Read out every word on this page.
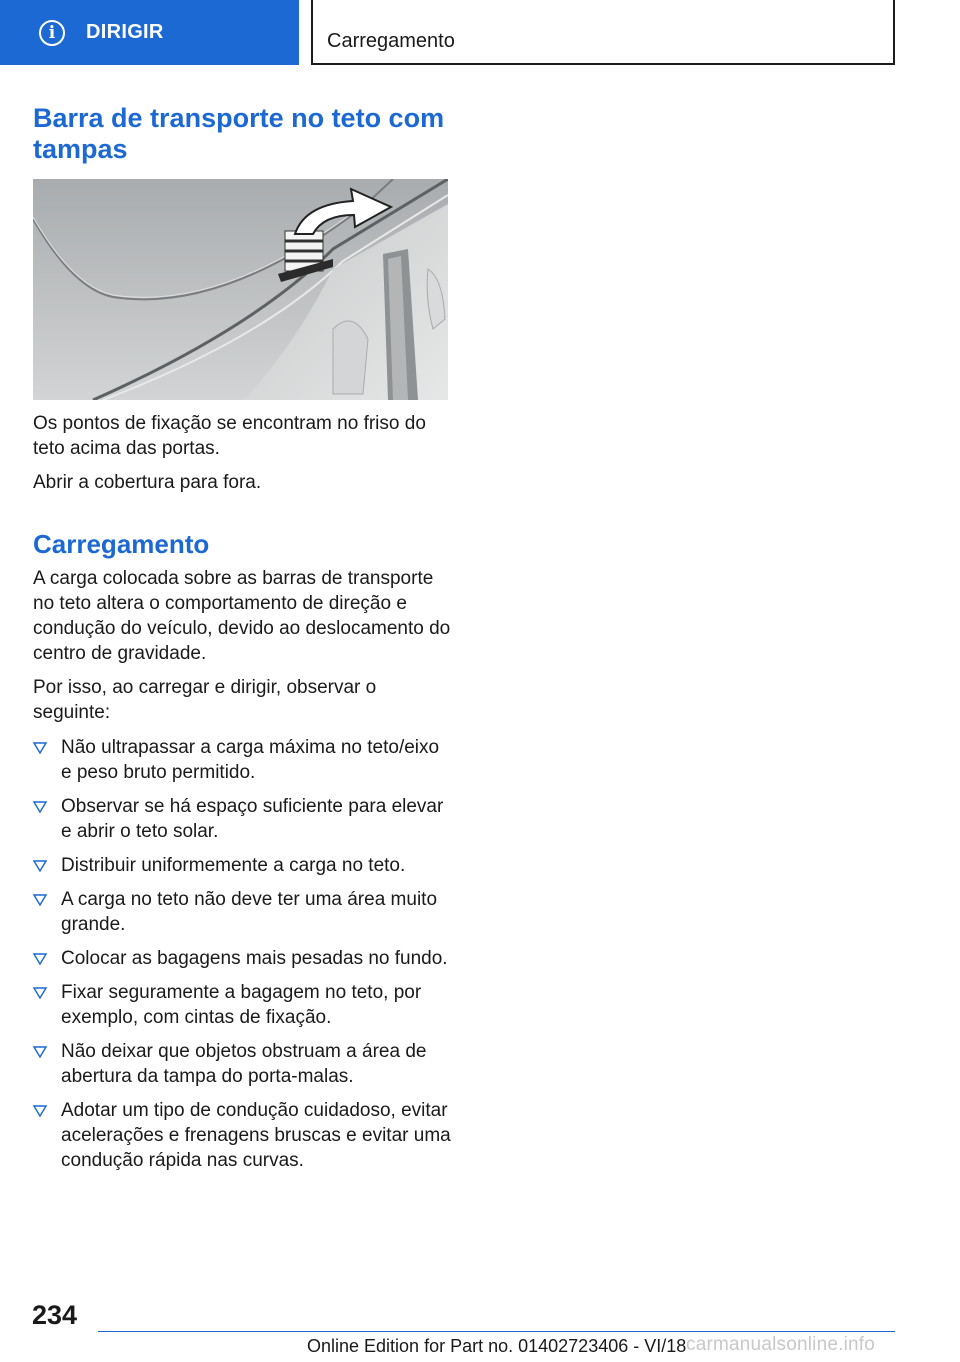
i	DIRIGIR	Carregamento
Barra de transporte no teto com tampas

Os pontos de fixação se encontram no friso do teto acima das portas.

Abrir a cobertura para fora.

Carregamento

A carga colocada sobre as barras de transporte no teto altera o comportamento de direção e condução do veículo, devido ao deslocamento do centro de gravidade.

Por isso, ao carregar e dirigir, observar o seguinte:

Não ultrapassar a carga máxima no teto/eixo e peso bruto permitido.
Observar se há espaço suficiente para elevar e abrir o teto solar.
Distribuir uniformemente a carga no teto.
A carga no teto não deve ter uma área muito grande.
Colocar as bagagens mais pesadas no fundo.
Fixar seguramente a bagagem no teto, por exemplo, com cintas de fixação.
Não deixar que objetos obstruam a área de abertura da tampa do porta-malas.
Adotar um tipo de condução cuidadoso, evitar acelerações e frenagens bruscas e evitar uma condução rápida nas curvas.
234
Online Edition for Part no. 01402723406 - VI/18 carmanualsonline.info
